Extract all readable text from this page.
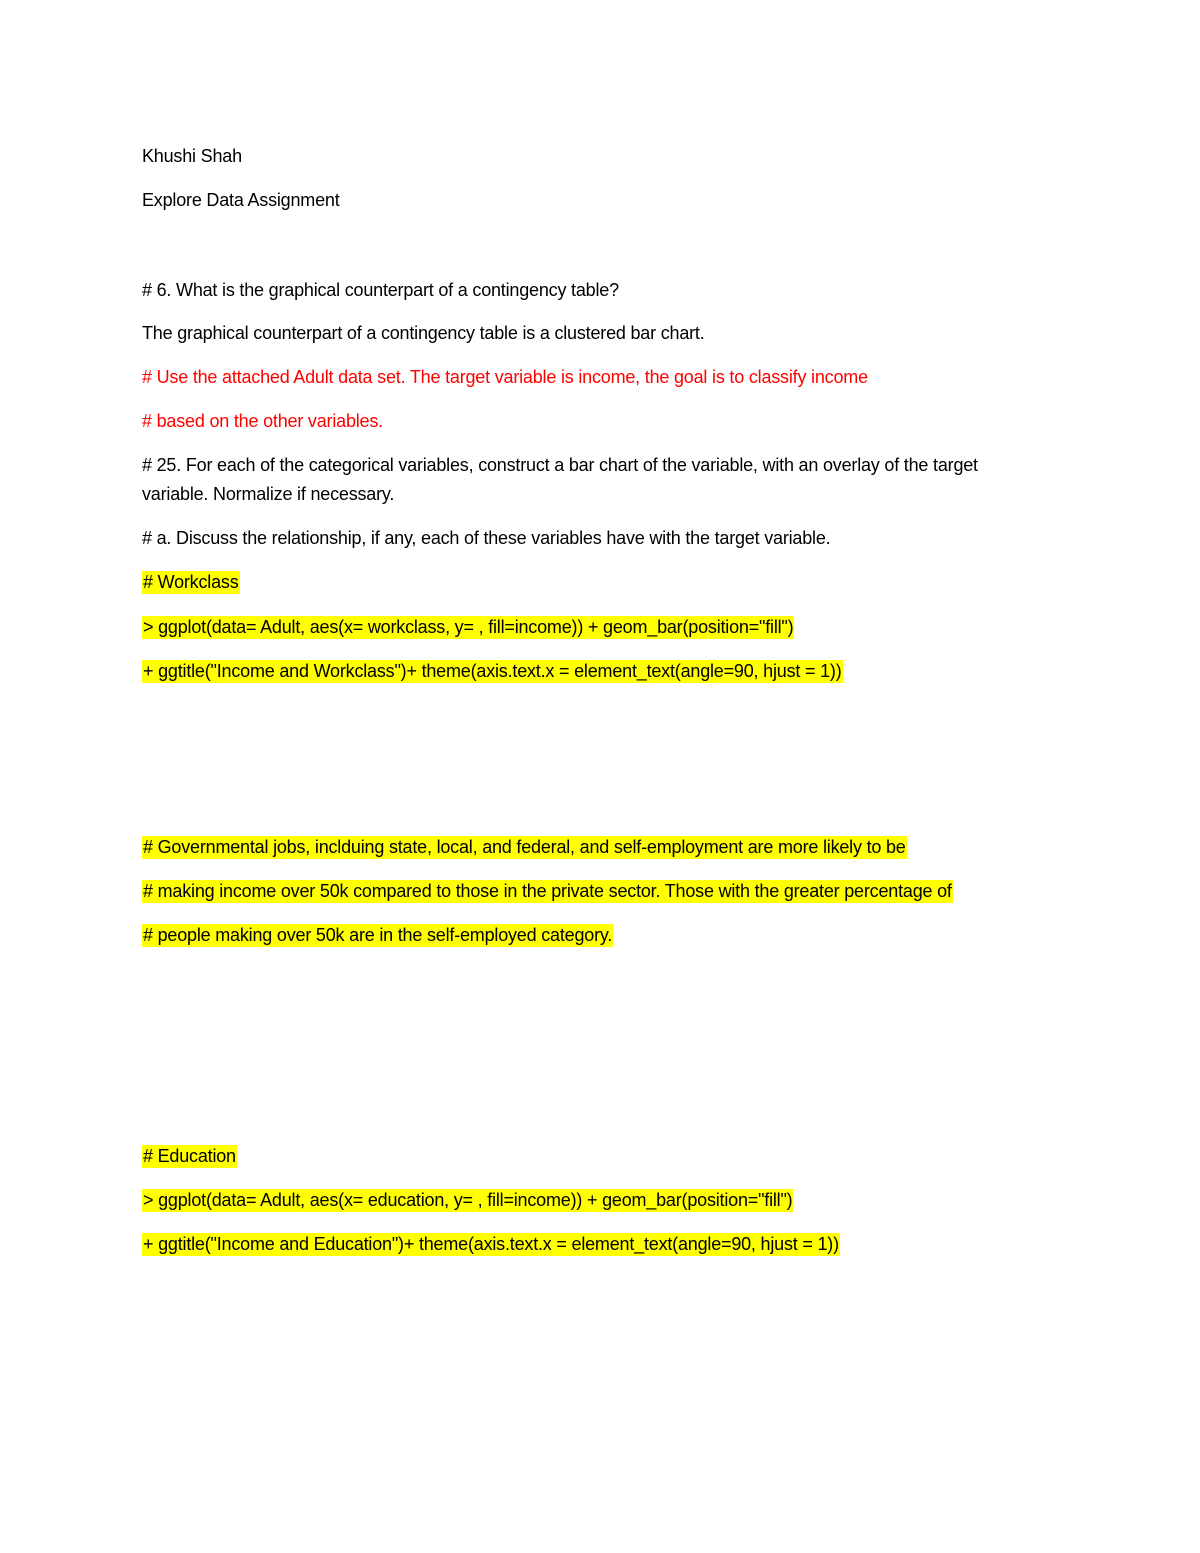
Khushi Shah
Explore Data Assignment
# 6. What is the graphical counterpart of a contingency table?
The graphical counterpart of a contingency table is a clustered bar chart.
# Use the attached Adult data set. The target variable is income, the goal is to classify income
# based on the other variables.
# 25. For each of the categorical variables, construct a bar chart of the variable, with an overlay of the target variable. Normalize if necessary.
# a. Discuss the relationship, if any, each of these variables have with the target variable.
# Workclass
> ggplot(data= Adult, aes(x= workclass, y= , fill=income)) + geom_bar(position="fill")
+ ggtitle("Income and Workclass")+ theme(axis.text.x = element_text(angle=90, hjust = 1))
# Governmental jobs, inclduing state, local, and federal, and self-employment are more likely to be
# making income over 50k compared to those in the private sector. Those with the greater percentage of
# people making over 50k are in the self-employed category.
# Education
> ggplot(data= Adult, aes(x= education, y= , fill=income)) + geom_bar(position="fill")
+ ggtitle("Income and Education")+ theme(axis.text.x = element_text(angle=90, hjust = 1))
